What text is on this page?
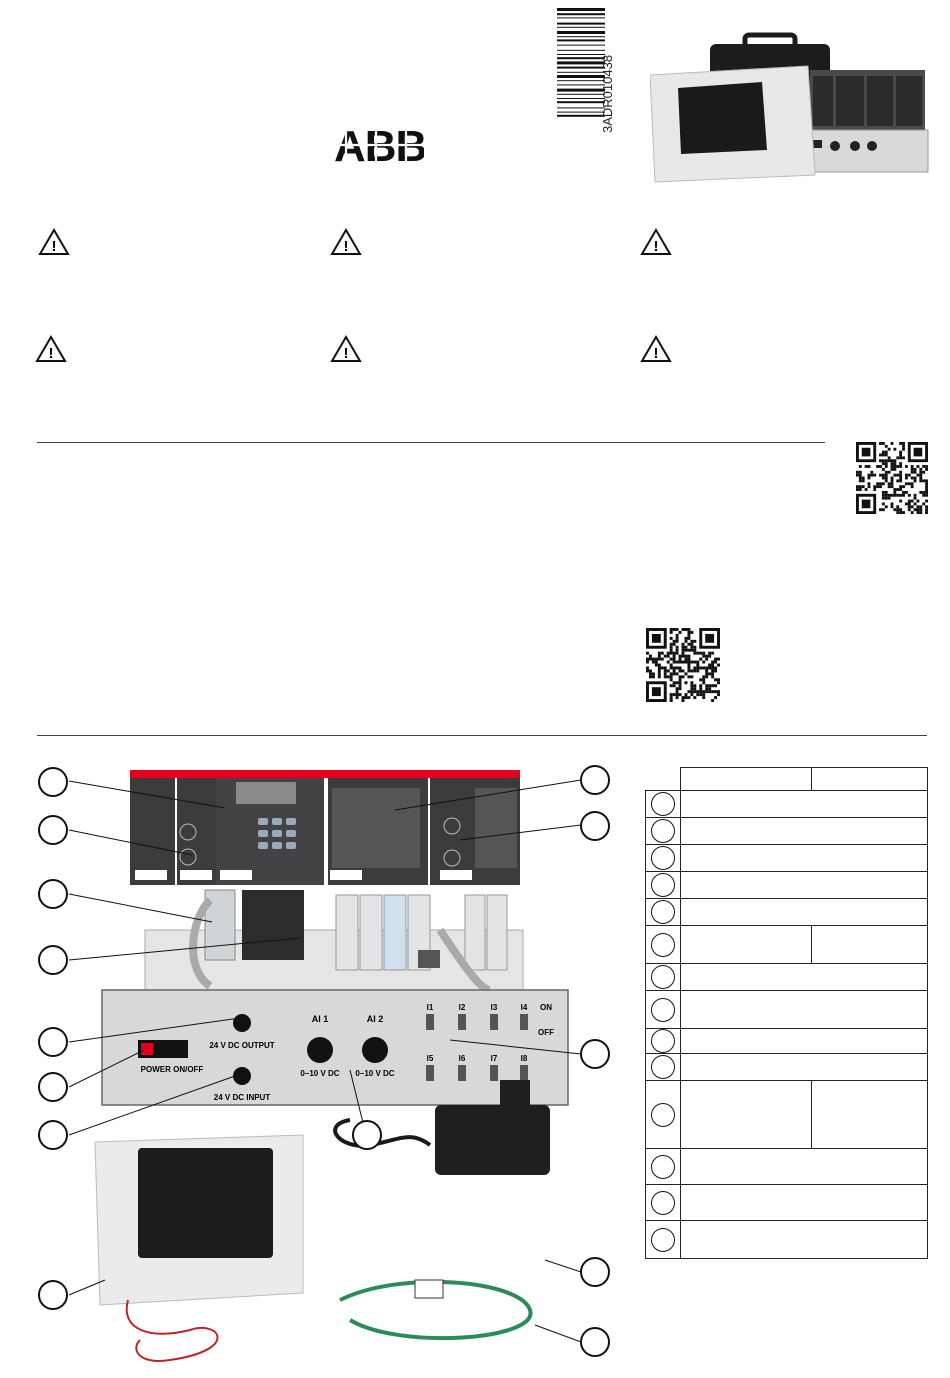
ABB
3ADR010438
!	!	!
!	!	!
24 V DC OUTPUT
POWER ON/OFF
24 V DC INPUT
AI 1	AI 2
0–10 V DC 0–10 V DC
I1	I2	I3	I4
I5	I6	I7	I8
ON
OFF
